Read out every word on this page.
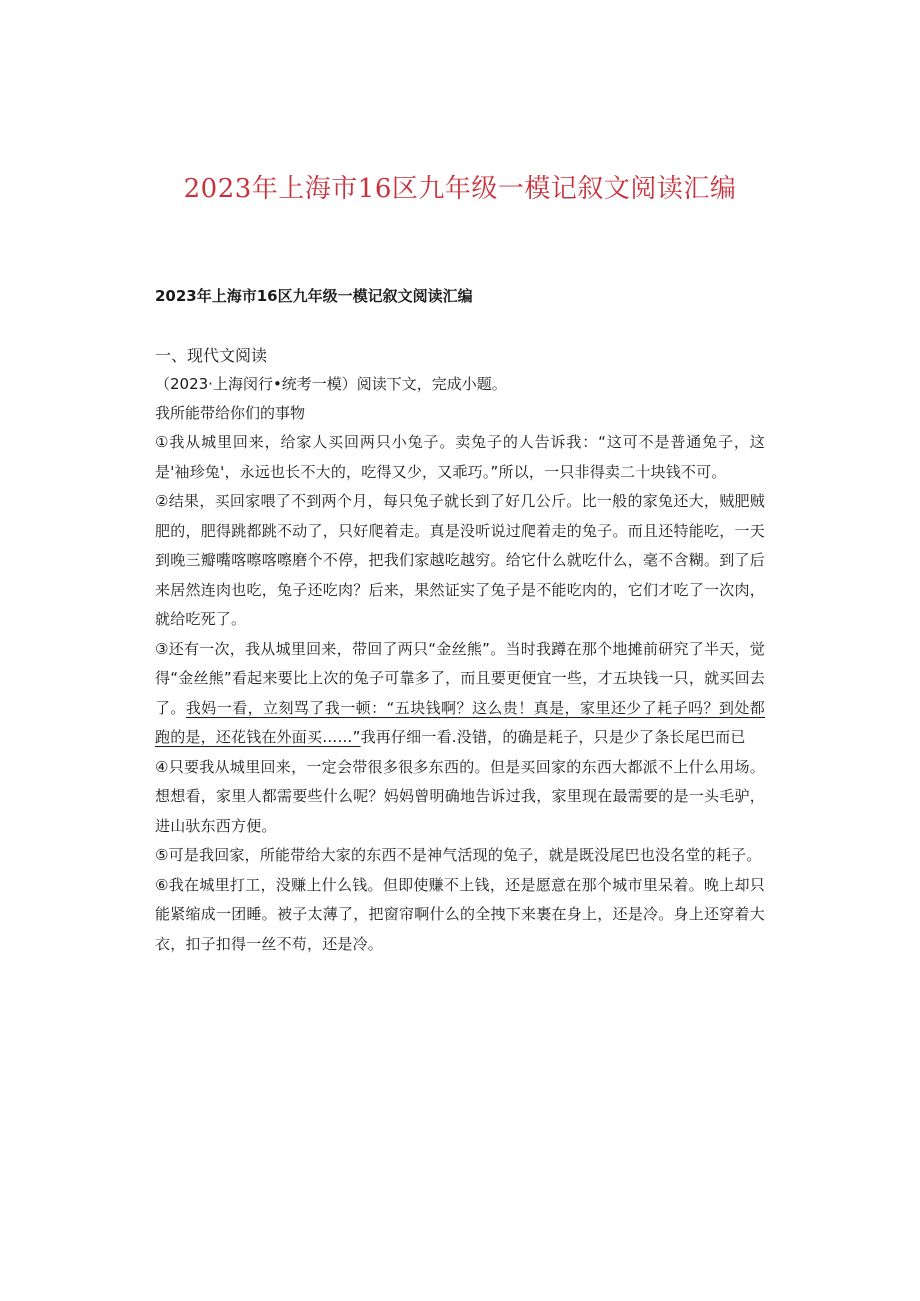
2023年上海市16区九年级一模记叙文阅读汇编
2023年上海市16区九年级一模记叙文阅读汇编
一、现代文阅读
（2023·上海闵行•统考一模）阅读下文，完成小题。
我所能带给你们的事物
①我从城里回来，给家人买回两只小兔子。卖兔子的人告诉我：“这可不是普通兔子，这是'袖珍兔'，永远也长不大的，吃得又少，又乖巧。”所以，一只非得卖二十块钱不可。
②结果，买回家喂了不到两个月，每只兔子就长到了好几公斤。比一般的家兔还大，贼肥贼肥的，肥得跳都跳不动了，只好爬着走。真是没听说过爬着走的兔子。而且还特能吃，一天到晚三瓣嘴喀嚓喀嚓磨个不停，把我们家越吃越穷。给它什么就吃什么，毫不含糊。到了后来居然连肉也吃，兔子还吃肉？后来，果然证实了兔子是不能吃肉的，它们才吃了一次肉，就给吃死了。
③还有一次，我从城里回来，带回了两只“金丝熊”。当时我蹲在那个地摊前研究了半天，觉得“金丝熊”看起来要比上次的兔子可靠多了，而且要更便宜一些，才五块钱一只，就买回去了。我妈一看，立刻骂了我一顿：“五块钱啊？这么贵！真是，家里还少了耗子吗？到处都跑的是，还花钱在外面买……”我再仔细一看.没错，的确是耗子，只是少了条长尾巴而已
④只要我从城里回来，一定会带很多很多东西的。但是买回家的东西大都派不上什么用场。想想看，家里人都需要些什么呢？妈妈曾明确地告诉过我，家里现在最需要的是一头毛驴，进山驮东西方便。
⑤可是我回家，所能带给大家的东西不是神气活现的兔子，就是既没尾巴也没名堂的耗子。
⑥我在城里打工，没赚上什么钱。但即使赚不上钱，还是愿意在那个城市里呆着。晚上却只能紧缩成一团睡。被子太薄了，把窗帘啊什么的全拽下来裹在身上，还是冷。身上还穿着大衣，扣子扣得一丝不苟，还是冷。
